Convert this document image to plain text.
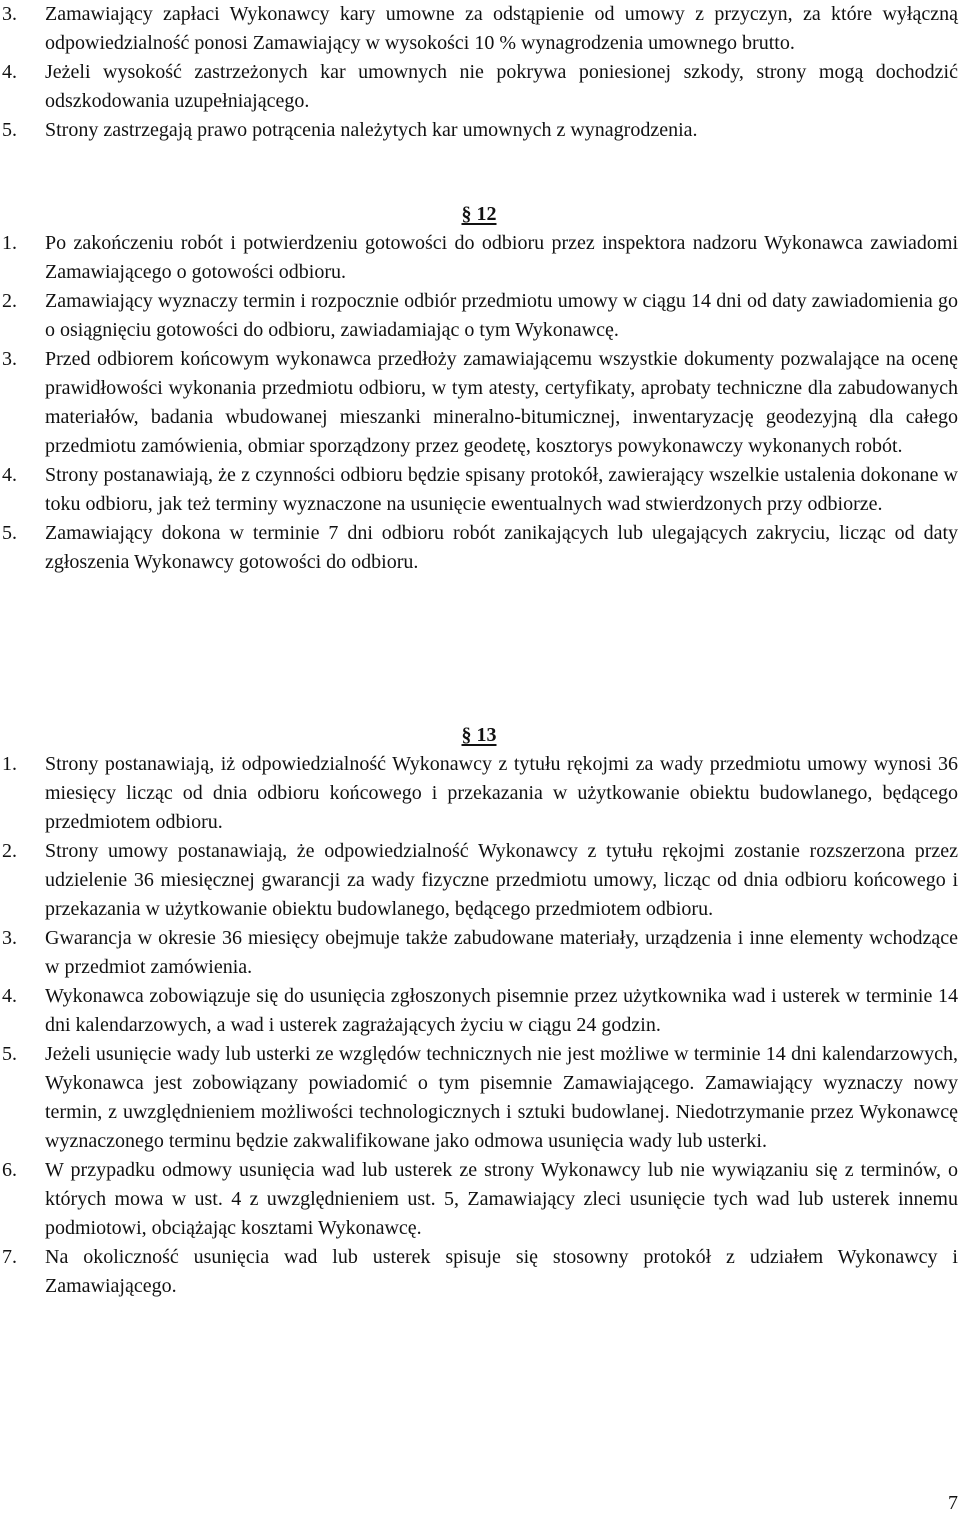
3. Zamawiający zapłaci Wykonawcy kary umowne za odstąpienie od umowy z przyczyn, za które wyłączną odpowiedzialność ponosi Zamawiający w wysokości 10 % wynagrodzenia umownego brutto.
4. Jeżeli wysokość zastrzeżonych kar umownych nie pokrywa poniesionej szkody, strony mogą dochodzić odszkodowania uzupełniającego.
5. Strony zastrzegają prawo potrącenia należytych kar umownych z wynagrodzenia.
§ 12
1. Po zakończeniu robót i potwierdzeniu gotowości do odbioru przez inspektora nadzoru Wykonawca zawiadomi Zamawiającego o gotowości odbioru.
2. Zamawiający wyznaczy termin i rozpocznie odbiór przedmiotu umowy w ciągu 14 dni od daty zawiadomienia go o osiągnięciu gotowości do odbioru, zawiadamiając o tym Wykonawcę.
3. Przed odbiorem końcowym wykonawca przedłoży zamawiającemu wszystkie dokumenty pozwalające na ocenę prawidłowości wykonania przedmiotu odbioru, w tym atesty, certyfikaty, aprobaty techniczne dla zabudowanych materiałów, badania wbudowanej mieszanki mineralno-bitumicznej, inwentaryzację geodezyjną dla całego przedmiotu zamówienia, obmiar sporządzony przez geodetę, kosztorys powykonawczy wykonanych robót.
4. Strony postanawiają, że z czynności odbioru będzie spisany protokół, zawierający wszelkie ustalenia dokonane w toku odbioru, jak też terminy wyznaczone na usunięcie ewentualnych wad stwierdzonych przy odbiorze.
5. Zamawiający dokona w terminie 7 dni odbioru robót zanikających lub ulegających zakryciu, licząc od daty zgłoszenia Wykonawcy gotowości do odbioru.
§ 13
1. Strony postanawiają, iż odpowiedzialność Wykonawcy z tytułu rękojmi za wady przedmiotu umowy wynosi 36 miesięcy licząc od dnia odbioru końcowego i przekazania w użytkowanie obiektu budowlanego, będącego przedmiotem odbioru.
2. Strony umowy postanawiają, że odpowiedzialność Wykonawcy z tytułu rękojmi zostanie rozszerzona przez udzielenie 36 miesięcznej gwarancji za wady fizyczne przedmiotu umowy, licząc od dnia odbioru końcowego i przekazania w użytkowanie obiektu budowlanego, będącego przedmiotem odbioru.
3. Gwarancja w okresie 36 miesięcy obejmuje także zabudowane materiały, urządzenia i inne elementy wchodzące w przedmiot zamówienia.
4. Wykonawca zobowiązuje się do usunięcia zgłoszonych pisemnie przez użytkownika wad i usterek w terminie 14 dni kalendarzowych, a wad i usterek zagrażających życiu w ciągu 24 godzin.
5. Jeżeli usunięcie wady lub usterki ze względów technicznych nie jest możliwe w terminie 14 dni kalendarzowych, Wykonawca jest zobowiązany powiadomić o tym pisemnie Zamawiającego. Zamawiający wyznaczy nowy termin, z uwzględnieniem możliwości technologicznych i sztuki budowlanej. Niedotrzymanie przez Wykonawcę wyznaczonego terminu będzie zakwalifikowane jako odmowa usunięcia wady lub usterki.
6. W przypadku odmowy usunięcia wad lub usterek ze strony Wykonawcy lub nie wywiązaniu się z terminów, o których mowa w ust. 4 z uwzględnieniem ust. 5, Zamawiający zleci usunięcie tych wad lub usterek innemu podmiotowi, obciążając kosztami Wykonawcę.
7. Na okoliczność usunięcia wad lub usterek spisuje się stosowny protokół z udziałem Wykonawcy i Zamawiającego.
7
